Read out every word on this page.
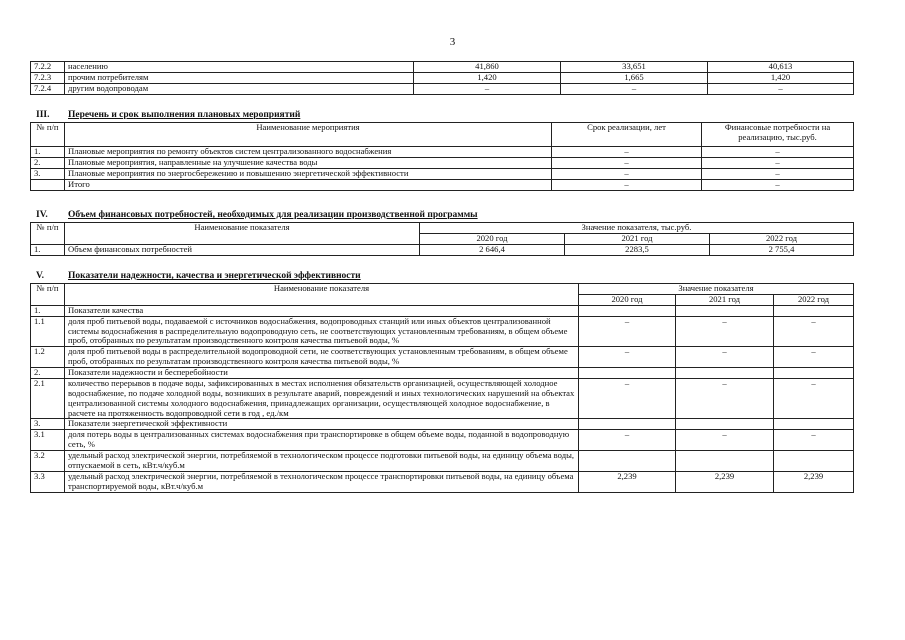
3
7.2.2	населению	41,860	33,651	40,613
7.2.3	прочим потребителям	1,420	1,665	1,420
7.2.4	другим водопроводам	–	–	–
III. Перечень и срок выполнения плановых мероприятий
№ п/п	Наименование мероприятия	Срок реализации, лет	Финансовые потребности на реализацию, тыс.руб.
1.	Плановые мероприятия по ремонту объектов систем централизованного водоснабжения	–	–
2.	Плановые мероприятия, направленные на улучшение качества воды	–	–
3.	Плановые мероприятия по энергосбережению и повышению энергетической эффективности	–	–
	Итого	–	–
IV. Объем финансовых потребностей, необходимых для реализации производственной программы
№ п/п	Наименование показателя	Значение показателя, тыс.руб.		
		2020 год	2021 год	2022 год
1.	Объем финансовых потребностей	2 646,4	2283,5	2 755,4
V.	Показатели надежности, качества и энергетической эффективности
№ п/п	Наименование показателя	Значение показателя		
		2020 год	2021 год	2022 год
1.	Показатели качества			
1.1	доля проб питьевой воды, подаваемой с источников водоснабжения, водопроводных станций или иных объектов централизованной системы водоснабжения в распределительную водопроводную сеть, не соответствующих установленным требованиям, в общем объеме проб, отобранных по результатам производственного контроля качества питьевой воды, %	–	–	–
1.2	доля проб питьевой воды в распределительной водопроводной сети, не соответствующих установленным требованиям, в общем объеме проб, отобранных по результатам производственного контроля качества питьевой воды, %	–	–	–
2.	Показатели надежности и бесперебойности			
2.1	количество перерывов в подаче воды, зафиксированных в местах исполнения обязательств организацией, осуществляющей холодное водоснабжение, по подаче холодной воды, возникших в результате аварий, повреждений и иных технологических нарушений на объектах централизованной системы холодного водоснабжения, принадлежащих организации, осуществляющей холодное водоснабжение, в расчете на протяженность водопроводной сети в год , ед./км	–	–	–
3.	Показатели энергетической эффективности			
3.1	доля потерь воды в централизованных системах водоснабжения при транспортировке в общем объеме воды, поданной в водопроводную сеть, %	–	–	–
3.2	удельный расход электрической энергии, потребляемой в технологическом процессе подготовки питьевой воды, на единицу объема воды, отпускаемой в сеть, кВт.ч/куб.м			
3.3	удельный расход электрической энергии, потребляемой в технологическом процессе транспортировки питьевой воды, на единицу объема транспортируемой воды, кВт.ч/куб.м	2,239	2,239	2,239
